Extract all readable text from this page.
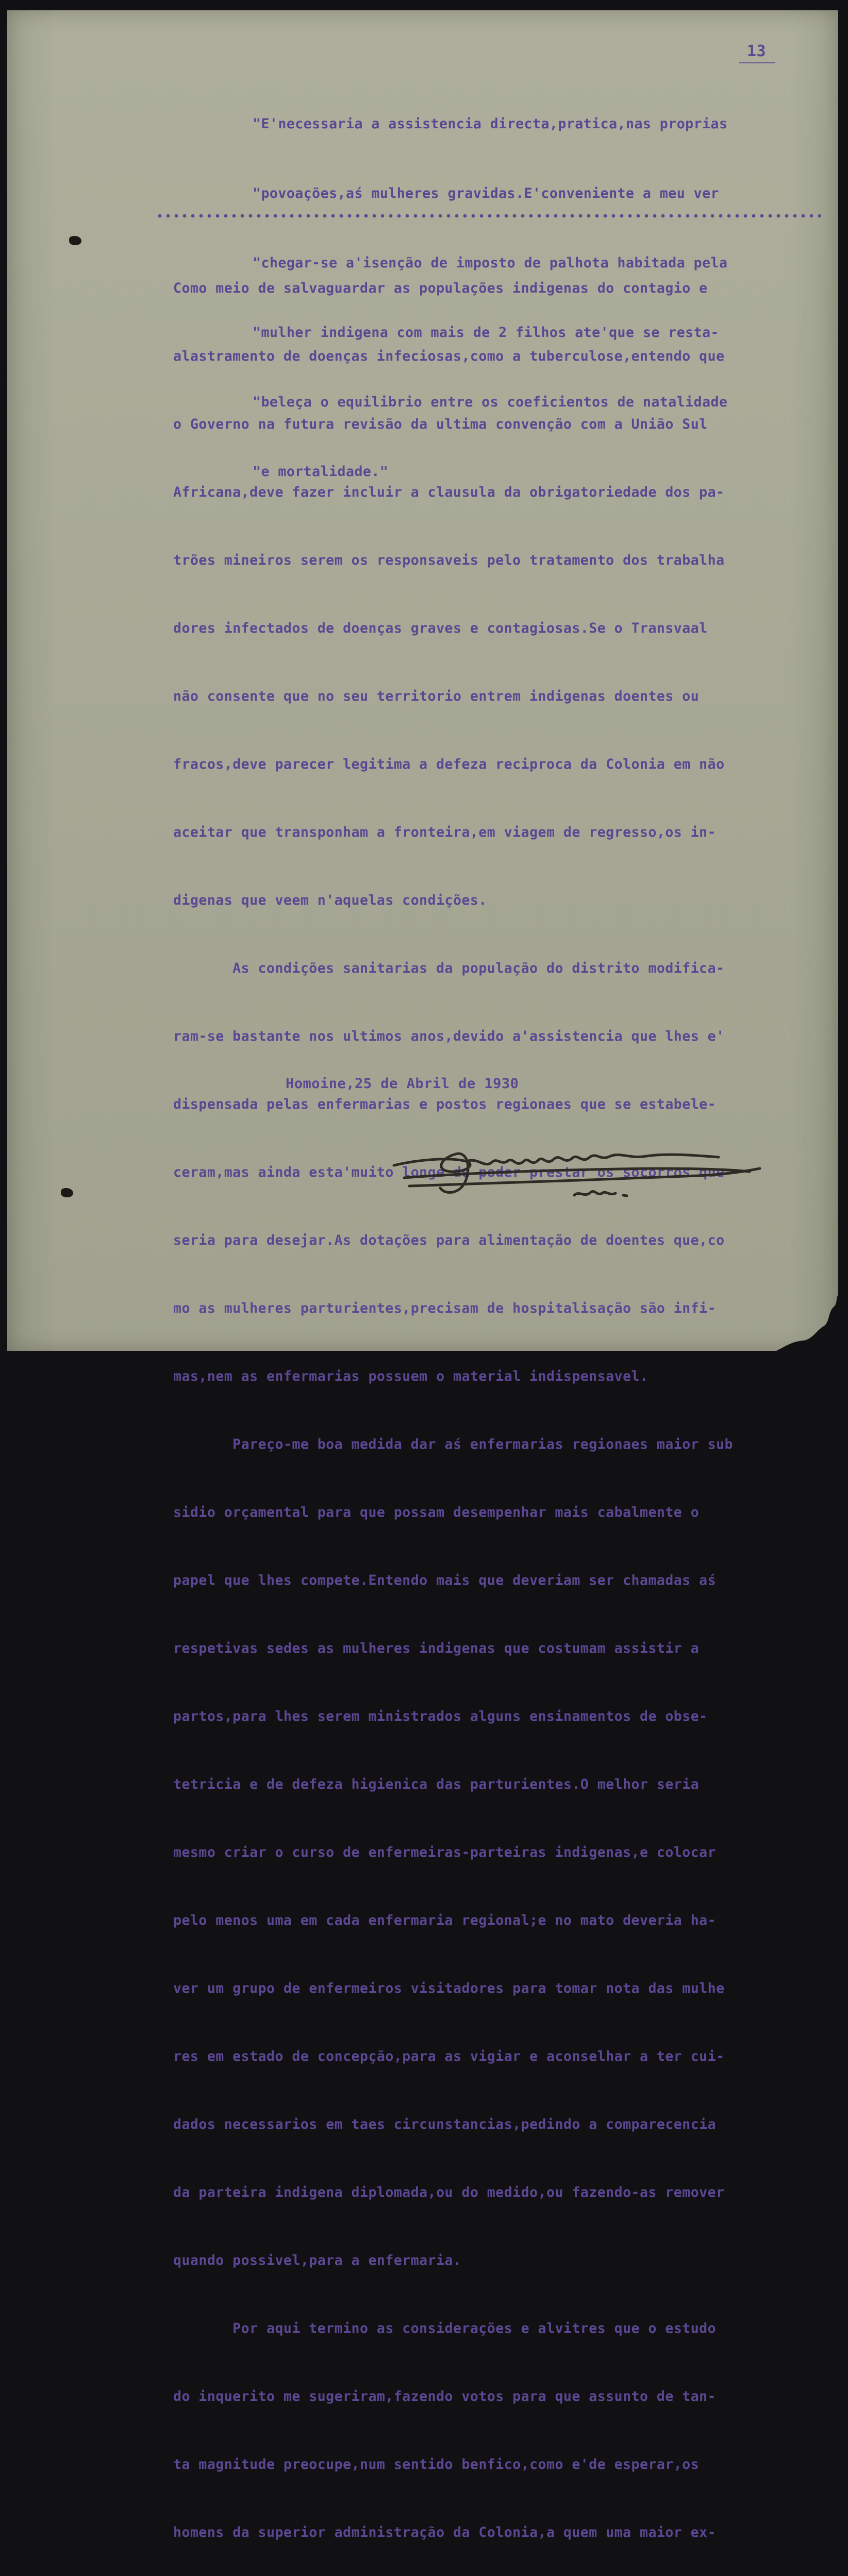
13

"E'necessaria a assistencia directa,pratica,nas proprias

"povoações,aś mulheres gravidas.E'conveniente a meu ver

"chegar-se a'isenção de imposto de palhota habitada pela

"mulher indigena com mais de 2 filhos ate'que se resta-

"beleça o equilibrio entre os coeficientos de natalidade

"e mortalidade."

Como meio de salvaguardar as populações indigenas do contagio e

alastramento de doenças infeciosas,como a tuberculose,entendo que

o Governo na futura revisão da ultima convenção com a União Sul

Africana,deve fazer incluir a clausula da obrigatoriedade dos pa-

trões mineiros serem os responsaveis pelo tratamento dos trabalha

dores infectados de doenças graves e contagiosas.Se o Transvaal

não consente que no seu territorio entrem indigenas doentes ou

fracos,deve parecer legitima a defeza reciproca da Colonia em não

aceitar que transponham a fronteira,em viagem de regresso,os in-

digenas que veem n'aquelas condições.

As condições sanitarias da população do distrito modifica-

ram-se bastante nos ultimos anos,devido a'assistencia que lhes e'

dispensada pelas enfermarias e postos regionaes que se estabele-

ceram,mas ainda esta'muito longe de poder prestar os socorros que

seria para desejar.As dotações para alimentação de doentes que,co

mo as mulheres parturientes,precisam de hospitalisação são infi-

mas,nem as enfermarias possuem o material indispensavel.

Pareço-me boa medida dar aś enfermarias regionaes maior sub

sidio orçamental para que possam desempenhar mais cabalmente o

papel que lhes compete.Entendo mais que deveriam ser chamadas aś

respetivas sedes as mulheres indigenas que costumam assistir a

partos,para lhes serem ministrados alguns ensinamentos de obse-

tetricia e de defeza higienica das parturientes.O melhor seria

mesmo criar o curso de enfermeiras-parteiras indigenas,e colocar

pelo menos uma em cada enfermaria regional;e no mato deveria ha-

ver um grupo de enfermeiros visitadores para tomar nota das mulhe

res em estado de concepção,para as vigiar e aconselhar a ter cui-

dados necessarios em taes circunstancias,pedindo a comparecencia

da parteira indigena diplomada,ou do medido,ou fazendo-as remover

quando possivel,para a enfermaria.

Por aqui termino as considerações e alvitres que o estudo

do inquerito me sugeriram,fazendo votos para que assunto de tan-

ta magnitude preocupe,num sentido benfico,como e'de esperar,os

homens da superior administração da Colonia,a quem uma maior ex-

Homoine,25 de Abril de 1930
